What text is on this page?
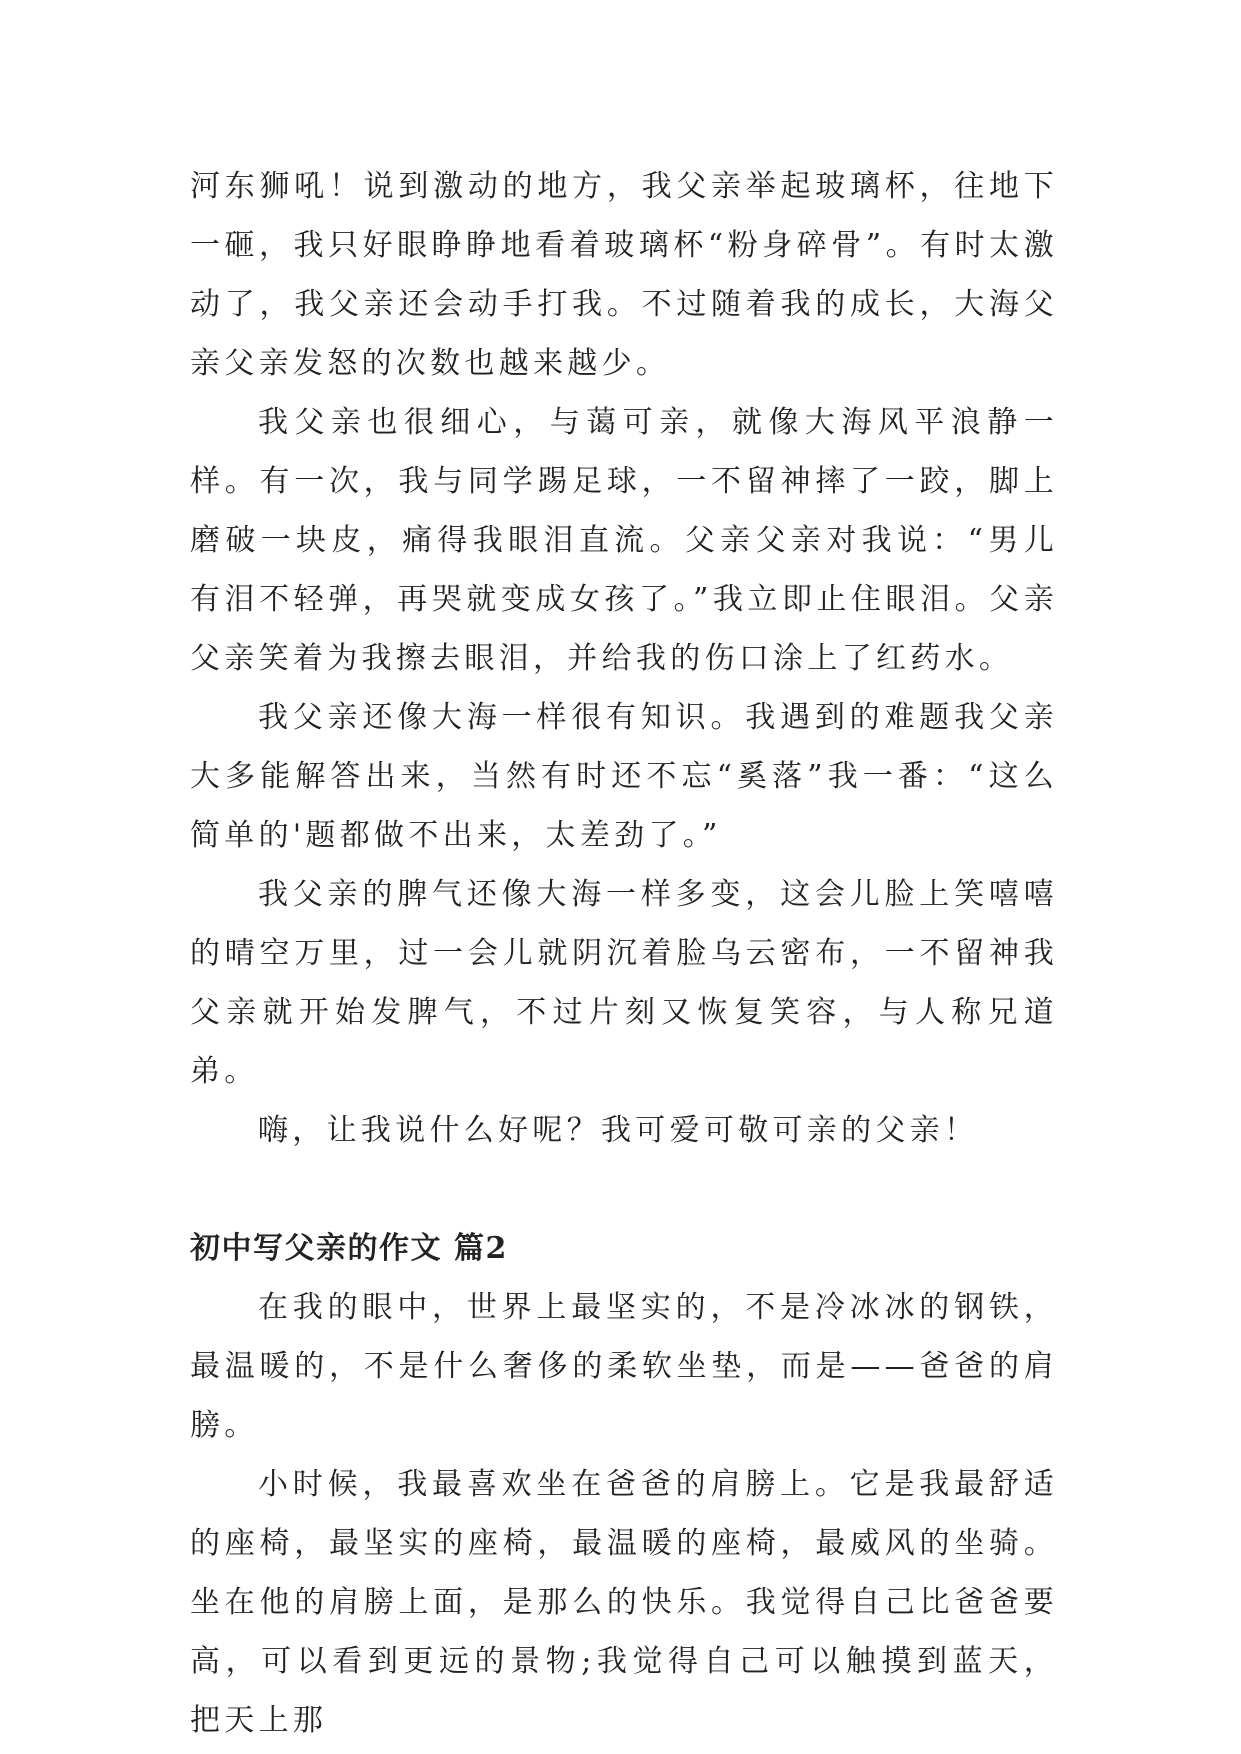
河东狮吼！说到激动的地方，我父亲举起玻璃杯，往地下一砸，我只好眼睁睁地看着玻璃杯“粉身碎骨”。有时太激动了，我父亲还会动手打我。不过随着我的成长，大海父亲父亲发怒的次数也越来越少。

我父亲也很细心，与蔼可亲，就像大海风平浪静一样。有一次，我与同学踢足球，一不留神摔了一跤，脚上磨破一块皮，痛得我眼泪直流。父亲父亲对我说：“男儿有泪不轻弹，再哭就变成女孩了。”我立即止住眼泪。父亲父亲笑着为我擦去眼泪，并给我的伤口涂上了红药水。

我父亲还像大海一样很有知识。我遇到的难题我父亲大多能解答出来，当然有时还不忘“奚落”我一番：“这么简单的'题都做不出来，太差劲了。”

我父亲的脾气还像大海一样多变，这会儿脸上笑嘻嘻的晴空万里，过一会儿就阴沉着脸乌云密布，一不留神我父亲就开始发脾气，不过片刻又恢复笑容，与人称兄道弟。

嗨，让我说什么好呢？我可爱可敬可亲的父亲！

初中写父亲的作文 篇2

在我的眼中，世界上最坚实的，不是冷冰冰的钢铁，最温暖的，不是什么奢侈的柔软坐垫，而是——爸爸的肩膀。

小时候，我最喜欢坐在爸爸的肩膀上。它是我最舒适的座椅，最坚实的座椅，最温暖的座椅，最威风的坐骑。坐在他的肩膀上面，是那么的快乐。我觉得自己比爸爸要高，可以看到更远的景物;我觉得自己可以触摸到蓝天，把天上那
